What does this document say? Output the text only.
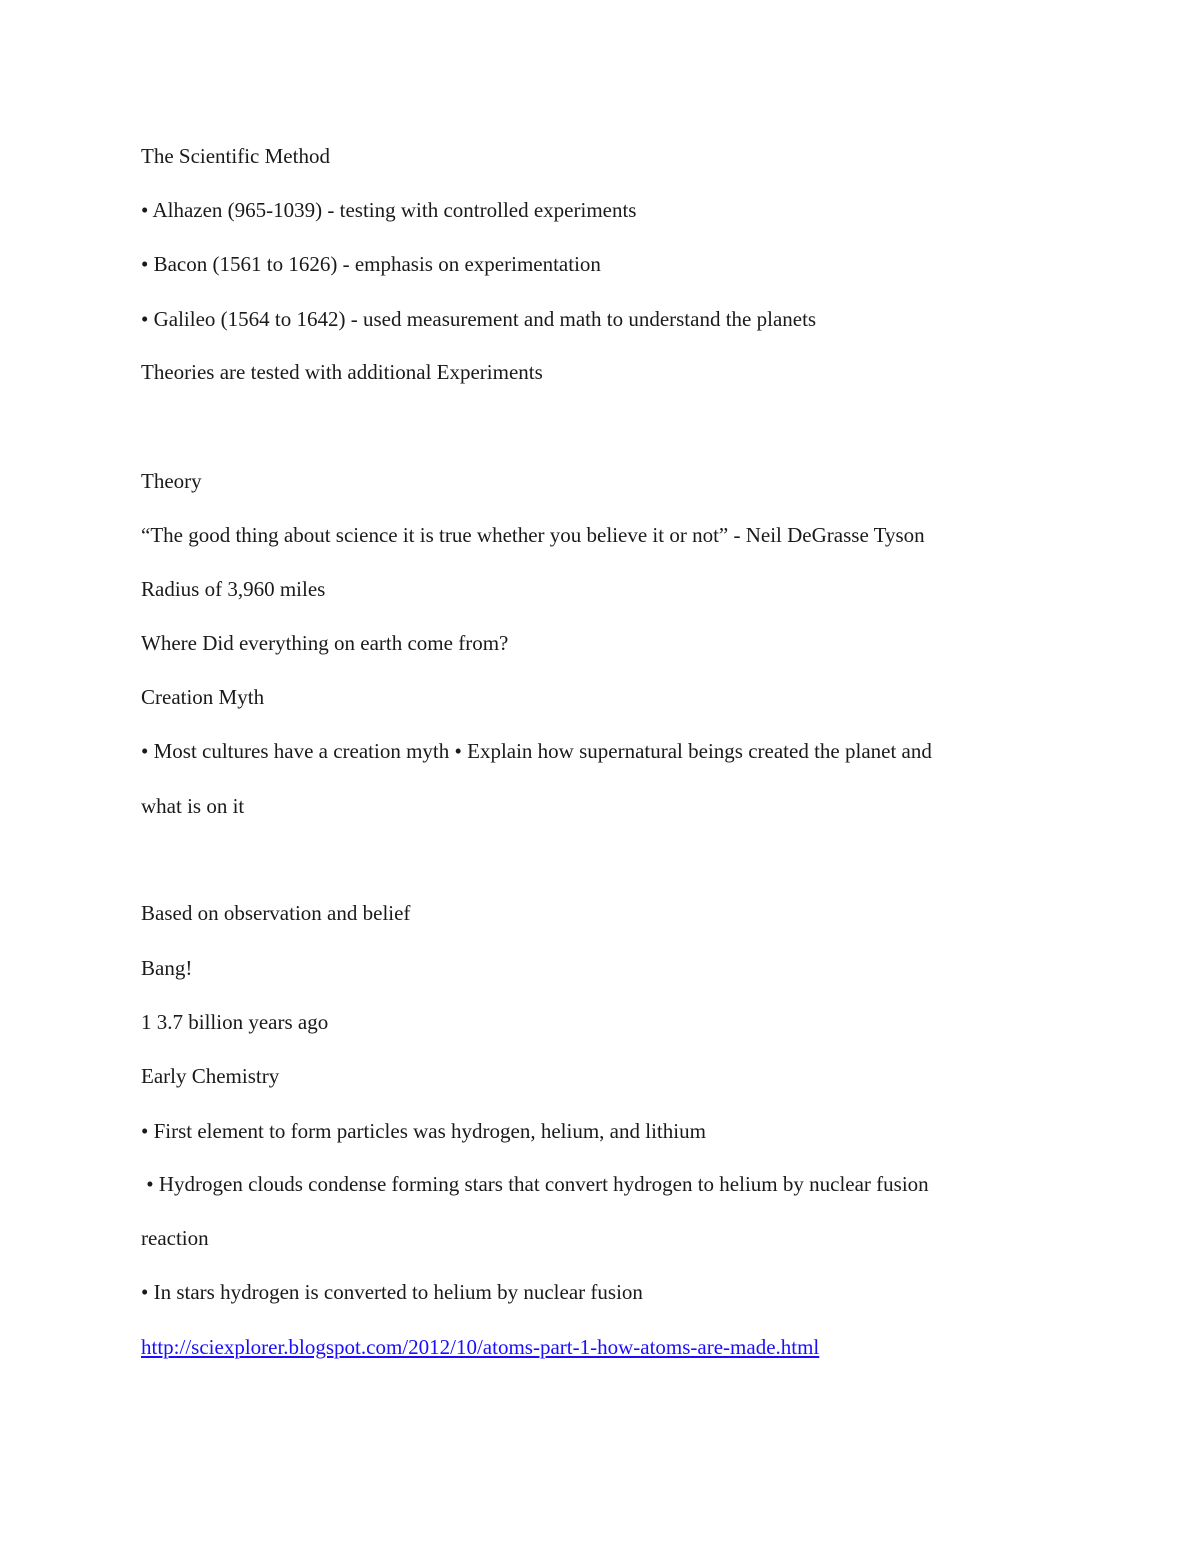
The Scientific Method
• Alhazen (965-1039) - testing with controlled experiments
• Bacon (1561 to 1626) - emphasis on experimentation
• Galileo (1564 to 1642) - used measurement and math to understand the planets
Theories are tested with additional Experiments
Theory
“The good thing about science it is true whether you believe it or not” - Neil DeGrasse Tyson
Radius of 3,960 miles
Where Did everything on earth come from?
Creation Myth
• Most cultures have a creation myth • Explain how supernatural beings created the planet and
what is on it
Based on observation and belief
Bang!
1 3.7 billion years ago
Early Chemistry
• First element to form particles was hydrogen, helium, and lithium
• Hydrogen clouds condense forming stars that convert hydrogen to helium by nuclear fusion
reaction
• In stars hydrogen is converted to helium by nuclear fusion
http://sciexplorer.blogspot.com/2012/10/atoms-part-1-how-atoms-are-made.html
